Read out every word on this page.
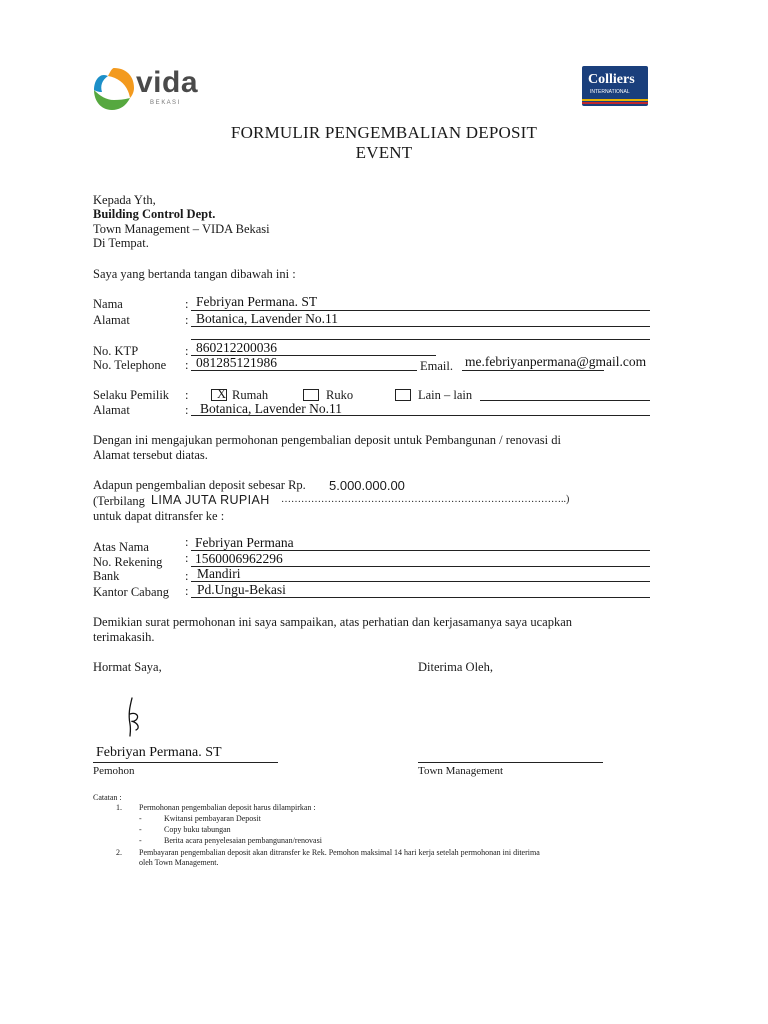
vida
B E K A S I
Colliers
INTERNATIONAL
FORMULIR PENGEMBALIAN DEPOSIT
EVENT
Kepada Yth,
Building Control Dept.
Town Management – VIDA Bekasi
Di Tempat.
Saya yang bertanda tangan dibawah ini :
Nama	: Febriyan Permana. ST
Alamat	: Botanica, Lavender No.11
No. KTP	: 860212200036
No. Telephone : 081285121986	Email. me.febriyanpermana@gmail.com
Selaku Pemilik : X Rumah	Ruko	Lain – lain
Alamat	: Botanica, Lavender No.11
Dengan ini mengajukan permohonan pengembalian deposit untuk Pembangunan / renovasi di
Alamat tersebut diatas.
Adapun pengembalian deposit sebesar Rp. 5.000.000.00
(Terbilang LIMA JUTA RUPIAH …………………………………………………………………………..)
untuk dapat ditransfer ke :
Atas Nama	: Febriyan Permana
No. Rekening : 1560006962296
Bank	: Mandiri
Kantor Cabang : Pd.Ungu-Bekasi
Demikian surat permohonan ini saya sampaikan, atas perhatian dan kerjasamanya saya ucapkan
terimakasih.
Hormat Saya,	Diterima Oleh,
Febriyan Permana. ST
Pemohon	Town Management
Catatan :
1. Permohonan pengembalian deposit harus dilampirkan :
-	Kwitansi pembayaran Deposit
-	Copy buku tabungan
-	Berita acara penyelesaian pembangunan/renovasi
2. Pembayaran pengembalian deposit akan ditransfer ke Rek. Pemohon maksimal 14 hari kerja setelah permohonan ini diterima
oleh Town Management.
